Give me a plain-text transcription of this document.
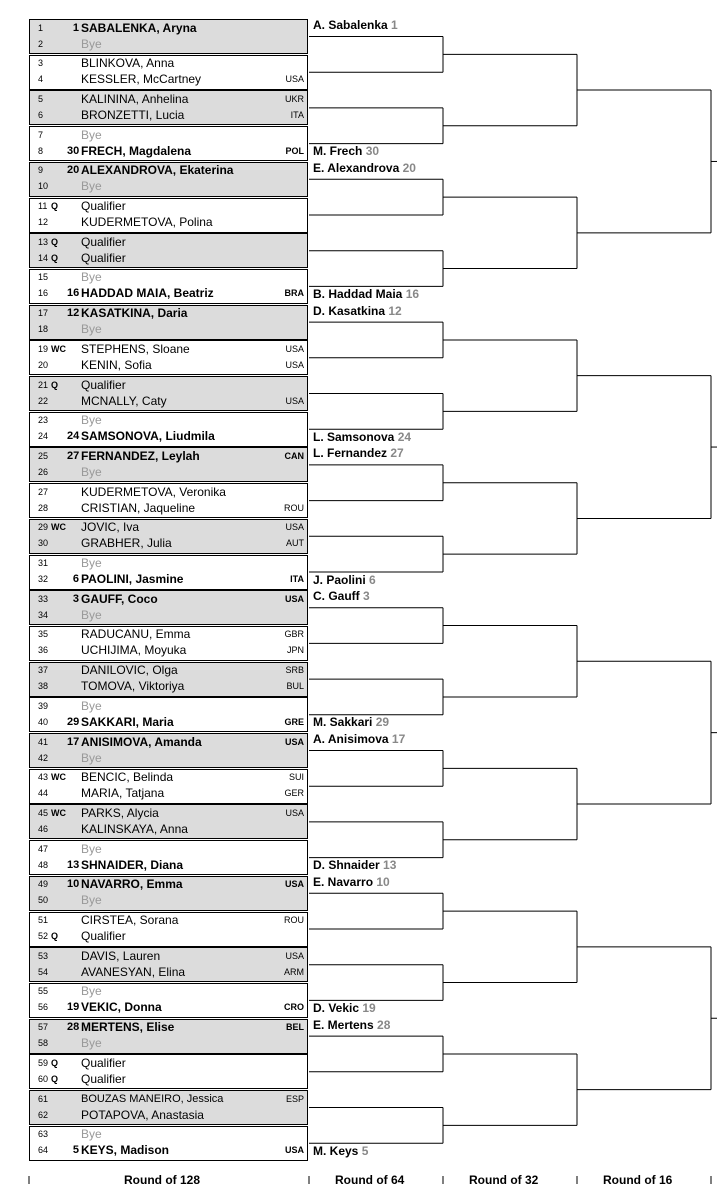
1	1 SABALENKA, Aryna
2	Bye
3	BLINKOVA, Anna
4	KESSLER, McCartney	USA
5	KALININA, Anhelina	UKR
6	BRONZETTI, Lucia	ITA
7	Bye
8 30 FRECH, Magdalena	POL
9 20 ALEXANDROVA, Ekaterina
10	Bye
11 Q Qualifier
12	KUDERMETOVA, Polina
13 Q Qualifier
14 Q Qualifier
15	Bye
16 16 HADDAD MAIA, Beatriz	BRA
17 12 KASATKINA, Daria
18	Bye
19 WC STEPHENS, Sloane	USA
20	KENIN, Sofia	USA
21 Q Qualifier
22	MCNALLY, Caty	USA
23	Bye
24 24 SAMSONOVA, Liudmila
25 27 FERNANDEZ, Leylah	CAN
26	Bye
27	KUDERMETOVA, Veronika
28	CRISTIAN, Jaqueline	ROU
29 WC JOVIC, Iva	USA
30	GRABHER, Julia	AUT
31	Bye
32	6 PAOLINI, Jasmine	ITA
33	3 GAUFF, Coco	USA
34	Bye
35	RADUCANU, Emma	GBR
36	UCHIJIMA, Moyuka	JPN
37	DANILOVIC, Olga	SRB
38	TOMOVA, Viktoriya	BUL
39	Bye
40 29 SAKKARI, Maria	GRE
41 17 ANISIMOVA, Amanda	USA
42	Bye
43 WC BENCIC, Belinda	SUI
44	MARIA, Tatjana	GER
45 WC PARKS, Alycia	USA
46	KALINSKAYA, Anna
47	Bye
48 13 SHNAIDER, Diana
49 10 NAVARRO, Emma	USA
50	Bye
51	CIRSTEA, Sorana	ROU
52 Q Qualifier
53	DAVIS, Lauren	USA
54	AVANESYAN, Elina	ARM
55	Bye
56 19 VEKIC, Donna	CRO
57 28 MERTENS, Elise	BEL
58	Bye
59 Q Qualifier
60 Q Qualifier
61	BOUZAS MANEIRO, Jessica	ESP
62	POTAPOVA, Anastasia
63	Bye
64	5 KEYS, Madison	USA
A. Sabalenka 1
M. Frech 30
E. Alexandrova 20
B. Haddad Maia 16
D. Kasatkina 12
L. Samsonova 24
L. Fernandez 27
J. Paolini 6
C. Gauff 3
M. Sakkari 29
A. Anisimova 17
D. Shnaider 13
E. Navarro 10
D. Vekic 19
E. Mertens 28
M. Keys 5
Round of 128	Round of 64	Round of 32	Round of 16
